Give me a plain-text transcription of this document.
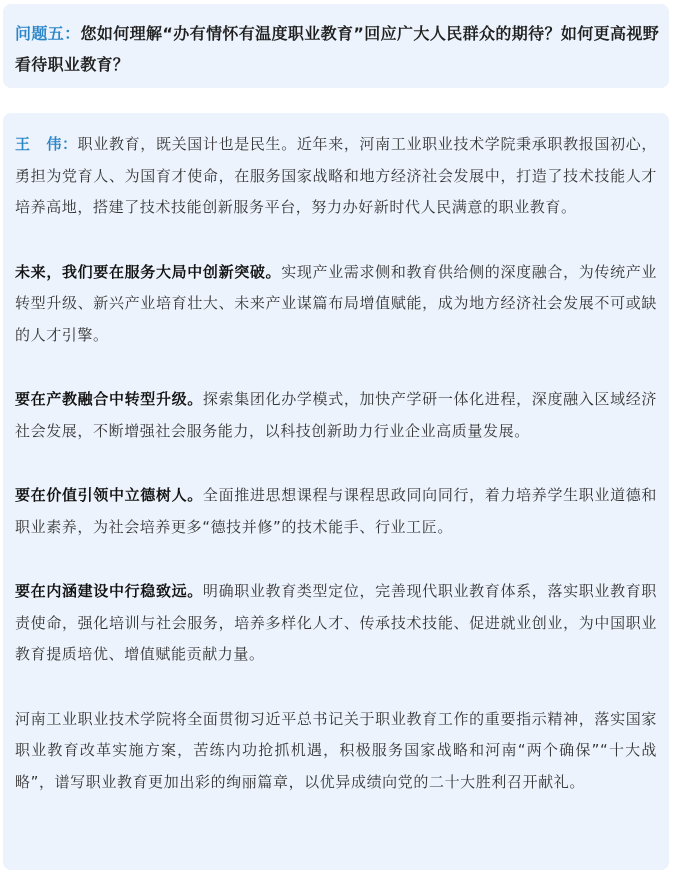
问题五：您如何理解“办有情怀有温度职业教育”回应广大人民群众的期待？如何更高视野看待职业教育？

王　伟：职业教育，既关国计也是民生。近年来，河南工业职业技术学院秉承职教报国初心，勇担为党育人、为国育才使命，在服务国家战略和地方经济社会发展中，打造了技术技能人才培养高地，搭建了技术技能创新服务平台，努力办好新时代人民满意的职业教育。

未来，我们要在服务大局中创新突破。实现产业需求侧和教育供给侧的深度融合，为传统产业转型升级、新兴产业培育壮大、未来产业谋篇布局增值赋能，成为地方经济社会发展不可或缺的人才引擎。

要在产教融合中转型升级。探索集团化办学模式，加快产学研一体化进程，深度融入区域经济社会发展，不断增强社会服务能力，以科技创新助力行业企业高质量发展。

要在价值引领中立德树人。全面推进思想课程与课程思政同向同行，着力培养学生职业道德和职业素养，为社会培养更多“德技并修”的技术能手、行业工匠。

要在内涵建设中行稳致远。明确职业教育类型定位，完善现代职业教育体系，落实职业教育职责使命，强化培训与社会服务，培养多样化人才、传承技术技能、促进就业创业，为中国职业教育提质培优、增值赋能贡献力量。

河南工业职业技术学院将全面贯彻习近平总书记关于职业教育工作的重要指示精神，落实国家职业教育改革实施方案，苦练内功抢抓机遇，积极服务国家战略和河南“两个确保”“十大战略”，谱写职业教育更加出彩的绚丽篇章，以优异成绩向党的二十大胜利召开献礼。
